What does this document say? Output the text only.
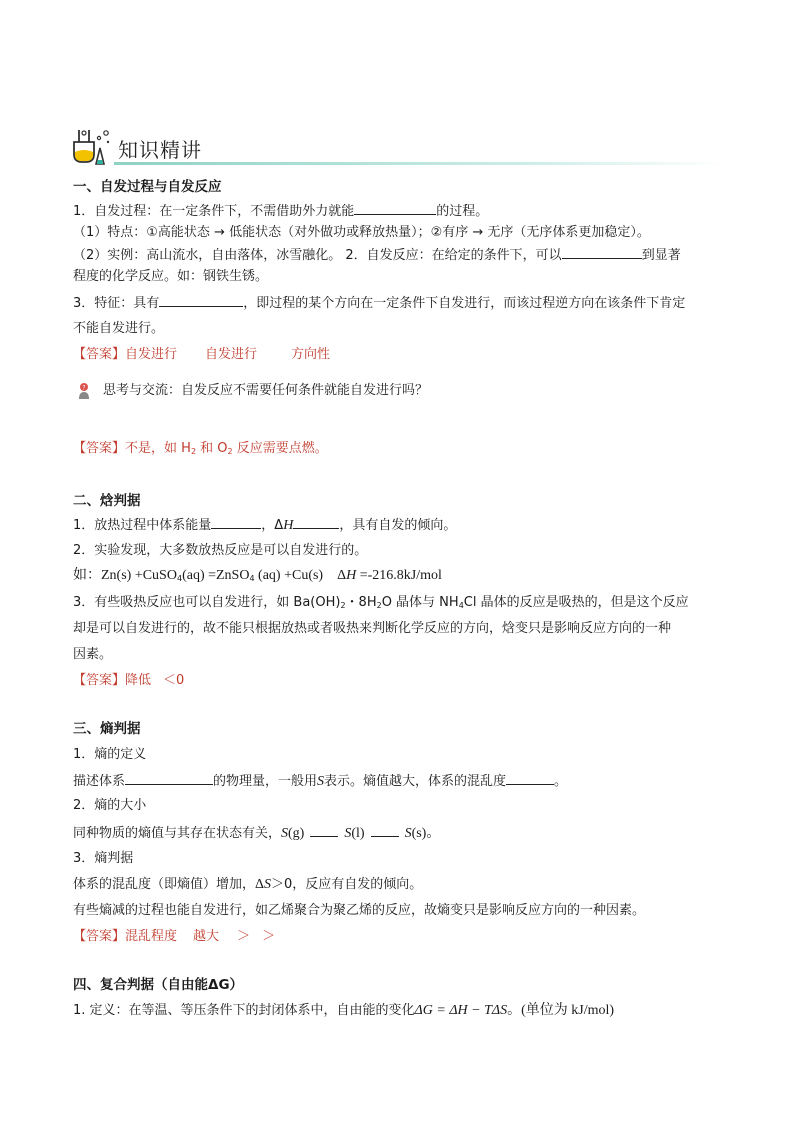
知识精讲
一、自发过程与自发反应
1．自发过程：在一定条件下，不需借助外力就能	的过程。
（1）特点：①高能状态 → 低能状态（对外做功或释放热量）；②有序 → 无序（无序体系更加稳定）。
（2）实例：高山流水，自由落体，冰雪融化。 2．自发反应：在给定的条件下，可以	到显著
程度的化学反应。如：钢铁生锈。
3．特征：具有	，即过程的某个方向在一定条件下自发进行，而该过程逆方向在该条件下肯定
不能自发进行。
【答案】自发进行 自发进行	方向性
? 思考与交流：自发反应不需要任何条件就能自发进行吗？
【答案】不是，如 $H_2$ 和 $O_2$ 反应需要点燃。
二、焓判据
1．放热过程中体系能量	，ΔH	，具有自发的倾向。
2．实验发现，大多数放热反应是可以自发进行的。
如：Zn(s) +CuSO$_4$(aq) =ZnSO$_4$ (aq) +Cu(s) ΔH =-216.8kJ/mol
3．有些吸热反应也可以自发进行，如 $Ba(OH)_2$・$8H_2O$ 晶体与 $NH_4Cl$ 晶体的反应是吸热的，但是这个反应
却是可以自发进行的，故不能只根据放热或者吸热来判断化学反应的方向，焓变只是影响反应方向的一种
因素。
【答案】降低 ＜0
三、熵判据
1．熵的定义
描述体系	的物理量，一般用S表示。熵值越大，体系的混乱度	。
2．熵的大小
同种物质的熵值与其存在状态有关，S(g)	S(l)	S(s)。
3．熵判据
体系的混乱度（即熵值）增加，ΔS＞0，反应有自发的倾向。
有些熵减的过程也能自发进行，如乙烯聚合为聚乙烯的反应，故熵变只是影响反应方向的一种因素。
【答案】混乱程度 越大 ＞ ＞
四、复合判据（自由能ΔG）
1. 定义：在等温、等压条件下的封闭体系中，自由能的变化ΔG = ΔH − TΔS。(单位为 kJ/mol)
